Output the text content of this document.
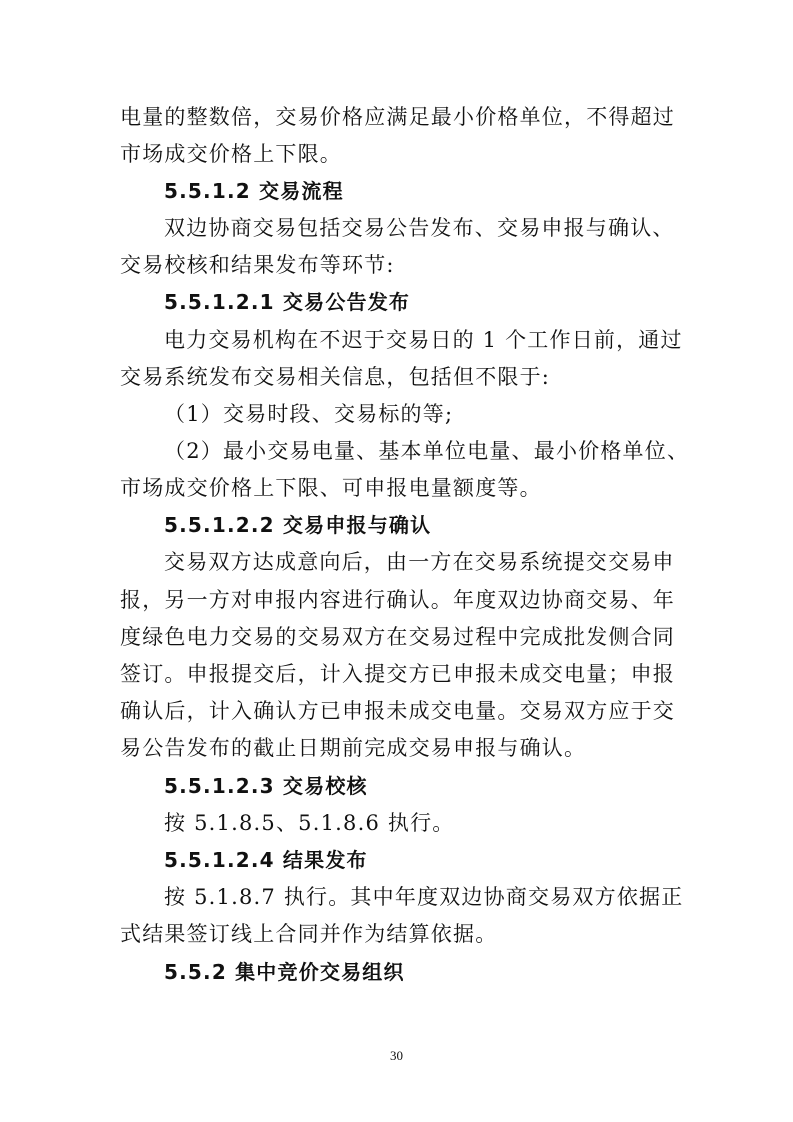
电量的整数倍，交易价格应满足最小价格单位，不得超过
市场成交价格上下限。
5.5.1.2 交易流程
双边协商交易包括交易公告发布、交易申报与确认、
交易校核和结果发布等环节:
5.5.1.2.1 交易公告发布
电力交易机构在不迟于交易日的 1 个工作日前，通过
交易系统发布交易相关信息，包括但不限于:
（1）交易时段、交易标的等;
（2）最小交易电量、基本单位电量、最小价格单位、
市场成交价格上下限、可申报电量额度等。
5.5.1.2.2 交易申报与确认
交易双方达成意向后，由一方在交易系统提交交易申
报，另一方对申报内容进行确认。年度双边协商交易、年
度绿色电力交易的交易双方在交易过程中完成批发侧合同
签订。申报提交后，计入提交方已申报未成交电量；申报
确认后，计入确认方已申报未成交电量。交易双方应于交
易公告发布的截止日期前完成交易申报与确认。
5.5.1.2.3 交易校核
按 5.1.8.5、5.1.8.6 执行。
5.5.1.2.4 结果发布
按 5.1.8.7 执行。其中年度双边协商交易双方依据正
式结果签订线上合同并作为结算依据。
5.5.2 集中竞价交易组织
30
